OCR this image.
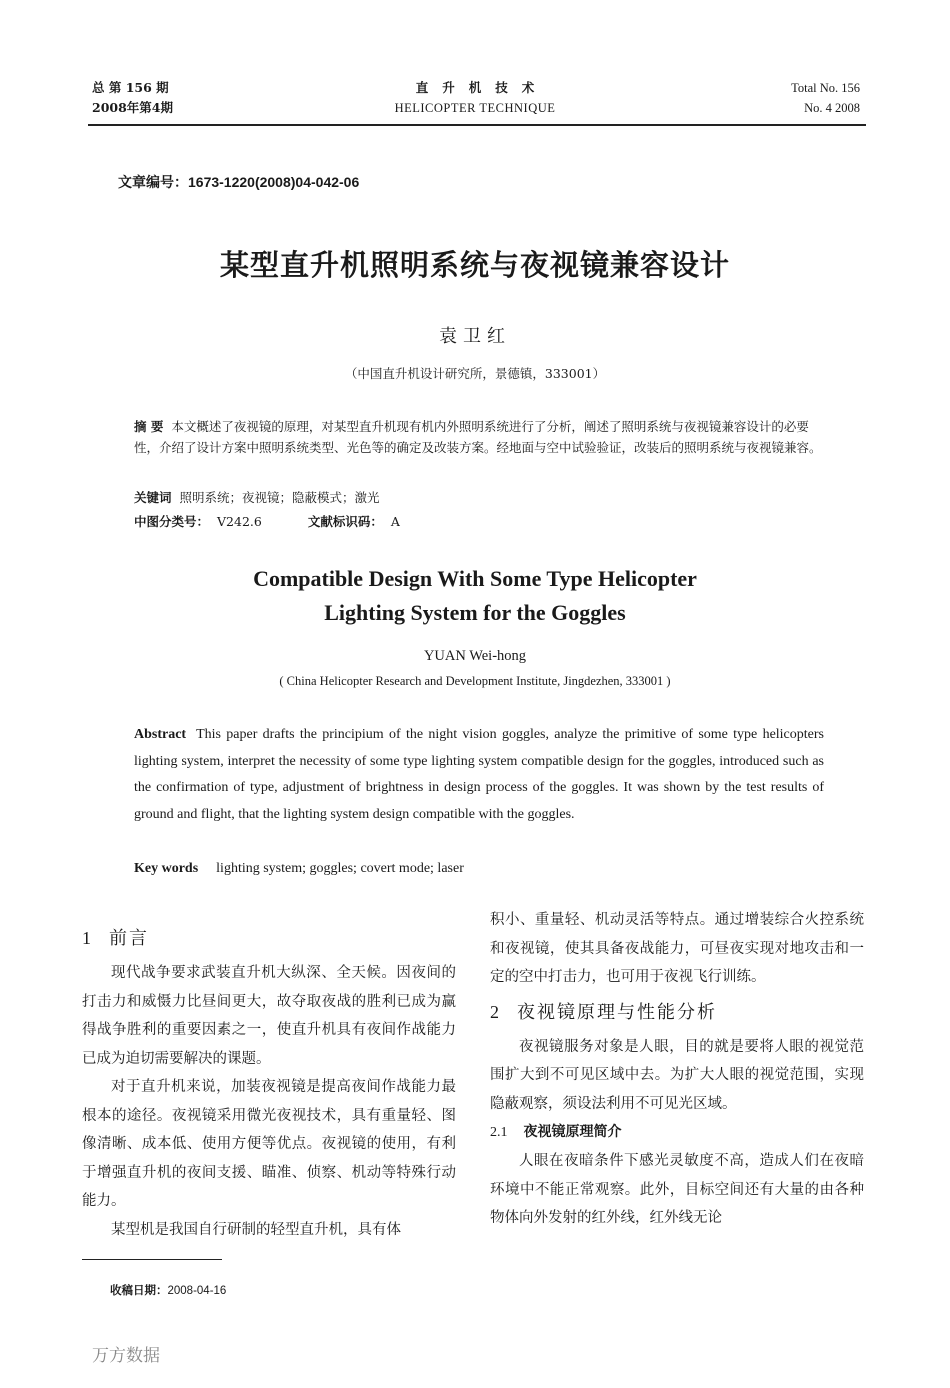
总 第 156 期
2008年第4期
直升机技术
HELICOPTER TECHNIQUE
Total No. 156
No. 4 2008
文章编号：1673-1220(2008)04-042-06
某型直升机照明系统与夜视镜兼容设计
袁卫红
（中国直升机设计研究所，景德镇，333001）
摘 要 本文概述了夜视镜的原理，对某型直升机现有机内外照明系统进行了分析，阐述了照明系统与夜视镜兼容设计的必要性，介绍了设计方案中照明系统类型、光色等的确定及改装方案。经地面与空中试验验证，改装后的照明系统与夜视镜兼容。
关键词 照明系统；夜视镜；隐蔽模式；激光
中图分类号： V242.6	文献标识码： A
Compatible Design With Some Type Helicopter
Lighting System for the Goggles
YUAN Wei-hong
( China Helicopter Research and Development Institute, Jingdezhen, 333001 )
Abstract This paper drafts the principium of the night vision goggles, analyze the primitive of some type helicopters lighting system, interpret the necessity of some type lighting system compatible design for the goggles, introduced such as the confirmation of type, adjustment of brightness in design process of the goggles. It was shown by the test results of ground and flight, that the lighting system design compatible with the goggles.
Key words lighting system; goggles; covert mode; laser
1 前言

现代战争要求武装直升机大纵深、全天候。因夜间的打击力和威慑力比昼间更大，故夺取夜战的胜利已成为赢得战争胜利的重要因素之一，使直升机具有夜间作战能力已成为迫切需要解决的课题。

对于直升机来说，加装夜视镜是提高夜间作战能力最根本的途径。夜视镜采用微光夜视技术，具有重量轻、图像清晰、成本低、使用方便等优点。夜视镜的使用，有利于增强直升机的夜间支援、瞄准、侦察、机动等特殊行动能力。

某型机是我国自行研制的轻型直升机，具有体

积小、重量轻、机动灵活等特点。通过增装综合火控系统和夜视镜，使其具备夜战能力，可昼夜实现对地攻击和一定的空中打击力，也可用于夜视飞行训练。

2 夜视镜原理与性能分析

夜视镜服务对象是人眼，目的就是要将人眼的视觉范围扩大到不可见区域中去。为扩大人眼的视觉范围，实现隐蔽观察，须设法利用不可见光区域。

2.1 夜视镜原理简介

人眼在夜暗条件下感光灵敏度不高，造成人们在夜暗环境中不能正常观察。此外，目标空间还有大量的由各种物体向外发射的红外线，红外线无论

收稿日期：2008-04-16
万方数据
